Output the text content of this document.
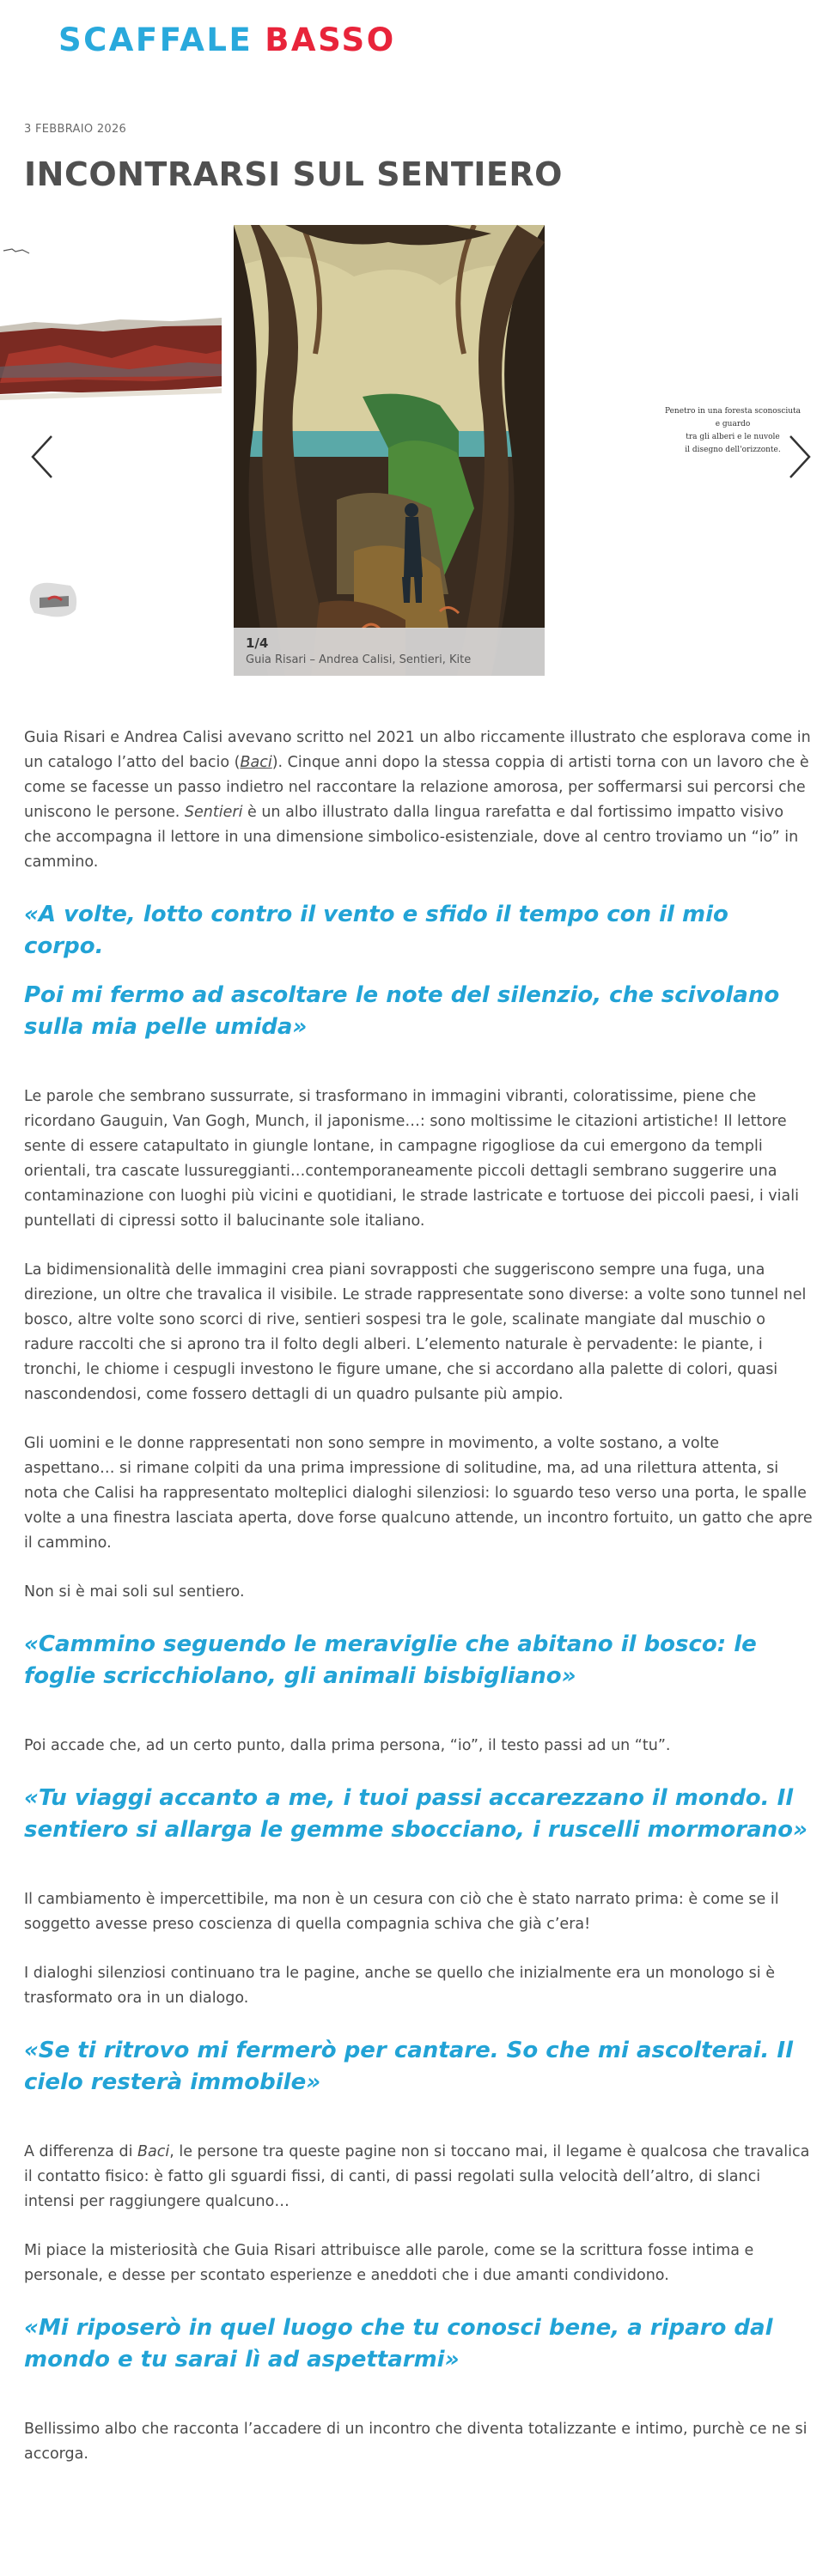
SCAFFALE BASSO
3 FEBBRAIO 2026
INCONTRARSI SUL SENTIERO
1/4
Guia Risari – Andrea Calisi, Sentieri, Kite
Penetro in una foresta sconosciuta
e guardo
tra gli alberi e le nuvole
il disegno dell'orizzonte.

Guia Risari e Andrea Calisi avevano scritto nel 2021 un albo riccamente illustrato che esplorava come in un catalogo l’atto del bacio (Baci). Cinque anni dopo la stessa coppia di artisti torna con un lavoro che è come se facesse un passo indietro nel raccontare la relazione amorosa, per soffermarsi sui percorsi che uniscono le persone. Sentieri è un albo illustrato dalla lingua rarefatta e dal fortissimo impatto visivo che accompagna il lettore in una dimensione simbolico-esistenziale, dove al centro troviamo un “io” in cammino.

«A volte, lotto contro il vento e sfido il tempo con il mio corpo.

Poi mi fermo ad ascoltare le note del silenzio, che scivolano sulla mia pelle umida»

Le parole che sembrano sussurrate, si trasformano in immagini vibranti, coloratissime, piene che ricordano Gauguin, Van Gogh, Munch, il japonisme…: sono moltissime le citazioni artistiche! Il lettore sente di essere catapultato in giungle lontane, in campagne rigogliose da cui emergono da templi orientali, tra cascate lussureggianti…contemporaneamente piccoli dettagli sembrano suggerire una contaminazione con luoghi più vicini e quotidiani, le strade lastricate e tortuose dei piccoli paesi, i viali puntellati di cipressi sotto il balucinante sole italiano.

La bidimensionalità delle immagini crea piani sovrapposti che suggeriscono sempre una fuga, una direzione, un oltre che travalica il visibile. Le strade rappresentate sono diverse: a volte sono tunnel nel bosco, altre volte sono scorci di rive, sentieri sospesi tra le gole, scalinate mangiate dal muschio o radure raccolti che si aprono tra il folto degli alberi. L’elemento naturale è pervadente: le piante, i tronchi, le chiome i cespugli investono le figure umane, che si accordano alla palette di colori, quasi nascondendosi, come fossero dettagli di un quadro pulsante più ampio.

Gli uomini e le donne rappresentati non sono sempre in movimento, a volte sostano, a volte aspettano… si rimane colpiti da una prima impressione di solitudine, ma, ad una rilettura attenta, si nota che Calisi ha rappresentato molteplici dialoghi silenziosi: lo sguardo teso verso una porta, le spalle volte a una finestra lasciata aperta, dove forse qualcuno attende, un incontro fortuito, un gatto che apre il cammino.

Non si è mai soli sul sentiero.

«Cammino seguendo le meraviglie che abitano il bosco: le foglie scricchiolano, gli animali bisbigliano»

Poi accade che, ad un certo punto, dalla prima persona, “io”, il testo passi ad un “tu”.

«Tu viaggi accanto a me, i tuoi passi accarezzano il mondo. Il sentiero si allarga le gemme sbocciano, i ruscelli mormorano»

Il cambiamento è impercettibile, ma non è un cesura con ciò che è stato narrato prima: è come se il soggetto avesse preso coscienza di quella compagnia schiva che già c’era!

I dialoghi silenziosi continuano tra le pagine, anche se quello che inizialmente era un monologo si è trasformato ora in un dialogo.

«Se ti ritrovo mi fermerò per cantare. So che mi ascolterai. Il cielo resterà immobile»

A differenza di Baci, le persone tra queste pagine non si toccano mai, il legame è qualcosa che travalica il contatto fisico: è fatto gli sguardi fissi, di canti, di passi regolati sulla velocità dell’altro, di slanci intensi per raggiungere qualcuno…

Mi piace la misteriosità che Guia Risari attribuisce alle parole, come se la scrittura fosse intima e personale, e desse per scontato esperienze e aneddoti che i due amanti condividono.

«Mi riposerò in quel luogo che tu conosci bene, a riparo dal mondo e tu sarai lì ad aspettarmi»

Bellissimo albo che racconta l’accadere di un incontro che diventa totalizzante e intimo, purchè ce ne si accorga.
